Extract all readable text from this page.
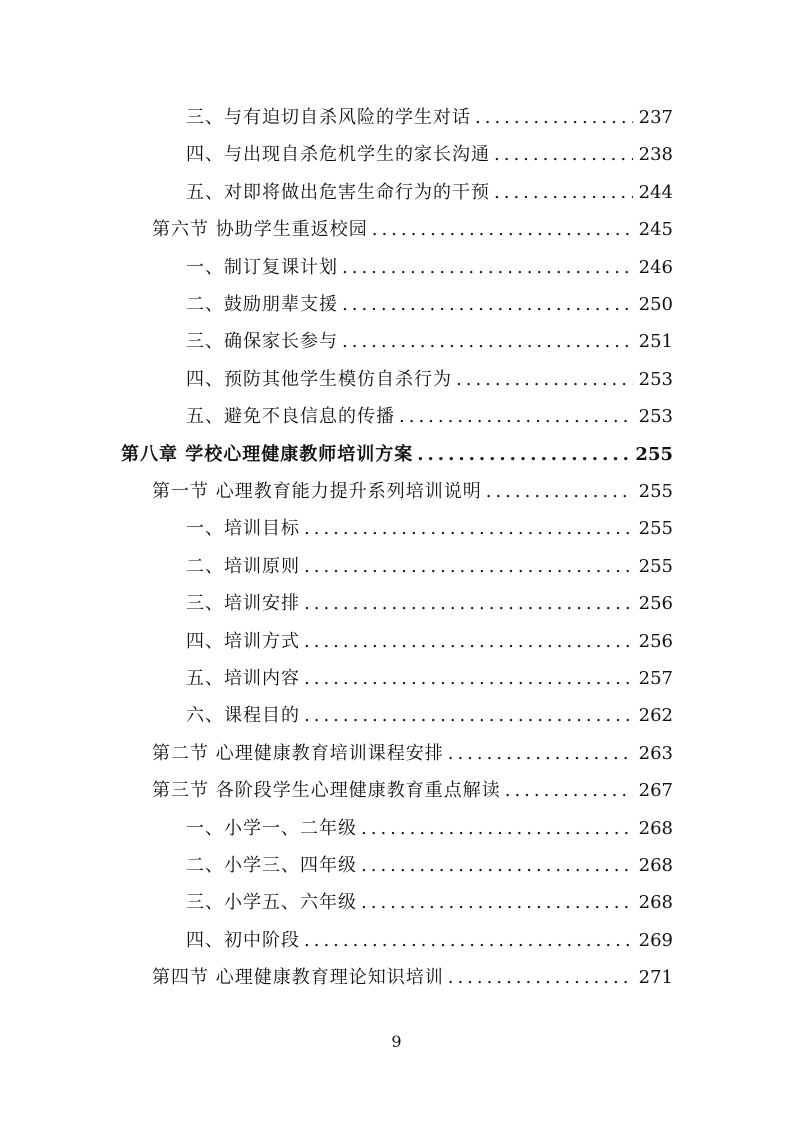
三、与有迫切自杀风险的学生对话 .....	237
四、与出现自杀危机学生的家长沟通 .....	238
五、对即将做出危害生命行为的干预 .....	244
第六节 协助学生重返校园 .....	245
一、制订复课计划 .....	246
二、鼓励朋辈支援 .....	250
三、确保家长参与 .....	251
四、预防其他学生模仿自杀行为 .....	253
五、避免不良信息的传播 .....	253
第八章 学校心理健康教师培训方案 .....	255
第一节 心理教育能力提升系列培训说明 .....	255
一、培训目标 .....	255
二、培训原则 .....	255
三、培训安排 .....	256
四、培训方式 .....	256
五、培训内容 .....	257
六、课程目的 .....	262
第二节 心理健康教育培训课程安排 .....	263
第三节 各阶段学生心理健康教育重点解读 .....	267
一、小学一、二年级 .....	268
二、小学三、四年级 .....	268
三、小学五、六年级 .....	268
四、初中阶段 .....	269
第四节 心理健康教育理论知识培训 .....	271
9
